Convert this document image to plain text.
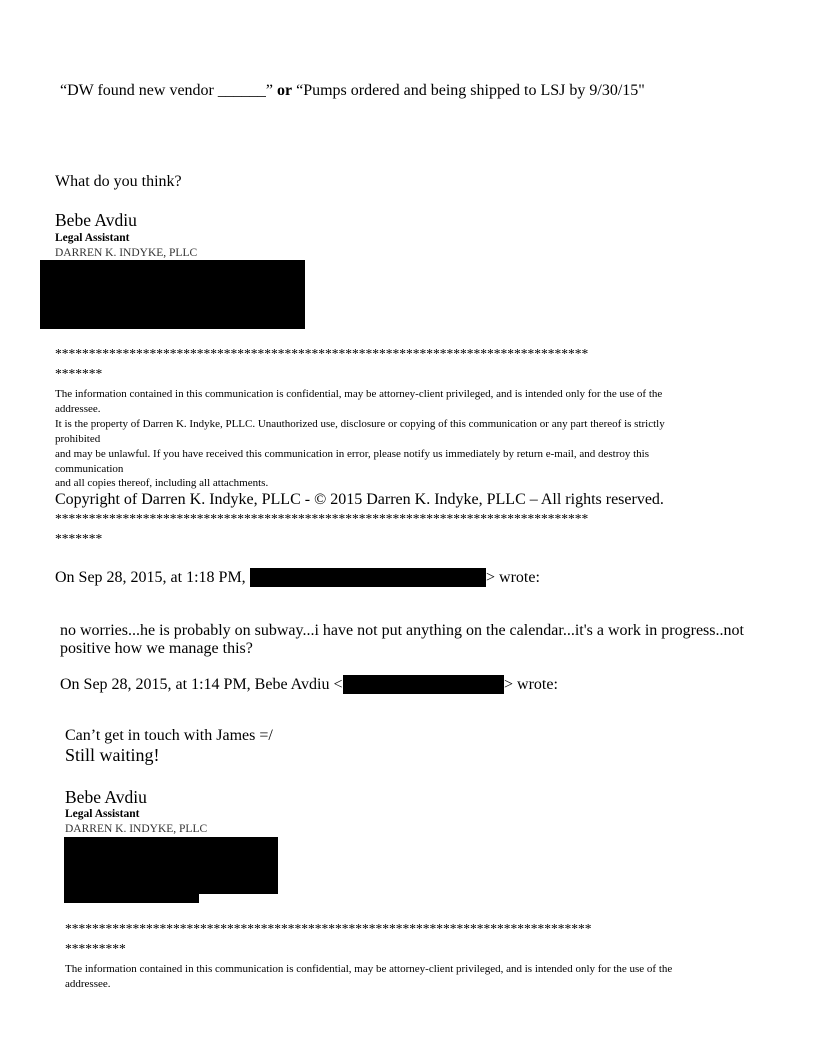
“DW found new vendor ______” or “Pumps ordered and being shipped to LSJ by 9/30/15"
What do you think?
Bebe Avdiu
Legal Assistant
DARREN K. INDYKE, PLLC
*******************************************************************************
*******
The information contained in this communication is confidential, may be attorney-client privileged, and is intended only for the use of the
addressee.
It is the property of Darren K. Indyke, PLLC. Unauthorized use, disclosure or copying of this communication or any part thereof is strictly
prohibited
and may be unlawful. If you have received this communication in error, please notify us immediately by return e-mail, and destroy this
communication
and all copies thereof, including all attachments.
Copyright of Darren K. Indyke, PLLC - © 2015 Darren K. Indyke, PLLC – All rights reserved.
*******************************************************************************
*******
On Sep 28, 2015, at 1:18 PM,	> wrote:
no worries...he is probably on subway...i have not put anything on the calendar...it's a work in progress..not positive how we manage this?
On Sep 28, 2015, at 1:14 PM, Bebe Avdiu <	> wrote:
Can’t get in touch with James =/
Still waiting!
Bebe Avdiu
Legal Assistant
DARREN K. INDYKE, PLLC
******************************************************************************
*********
The information contained in this communication is confidential, may be attorney-client privileged, and is intended only for the use of the
addressee.
